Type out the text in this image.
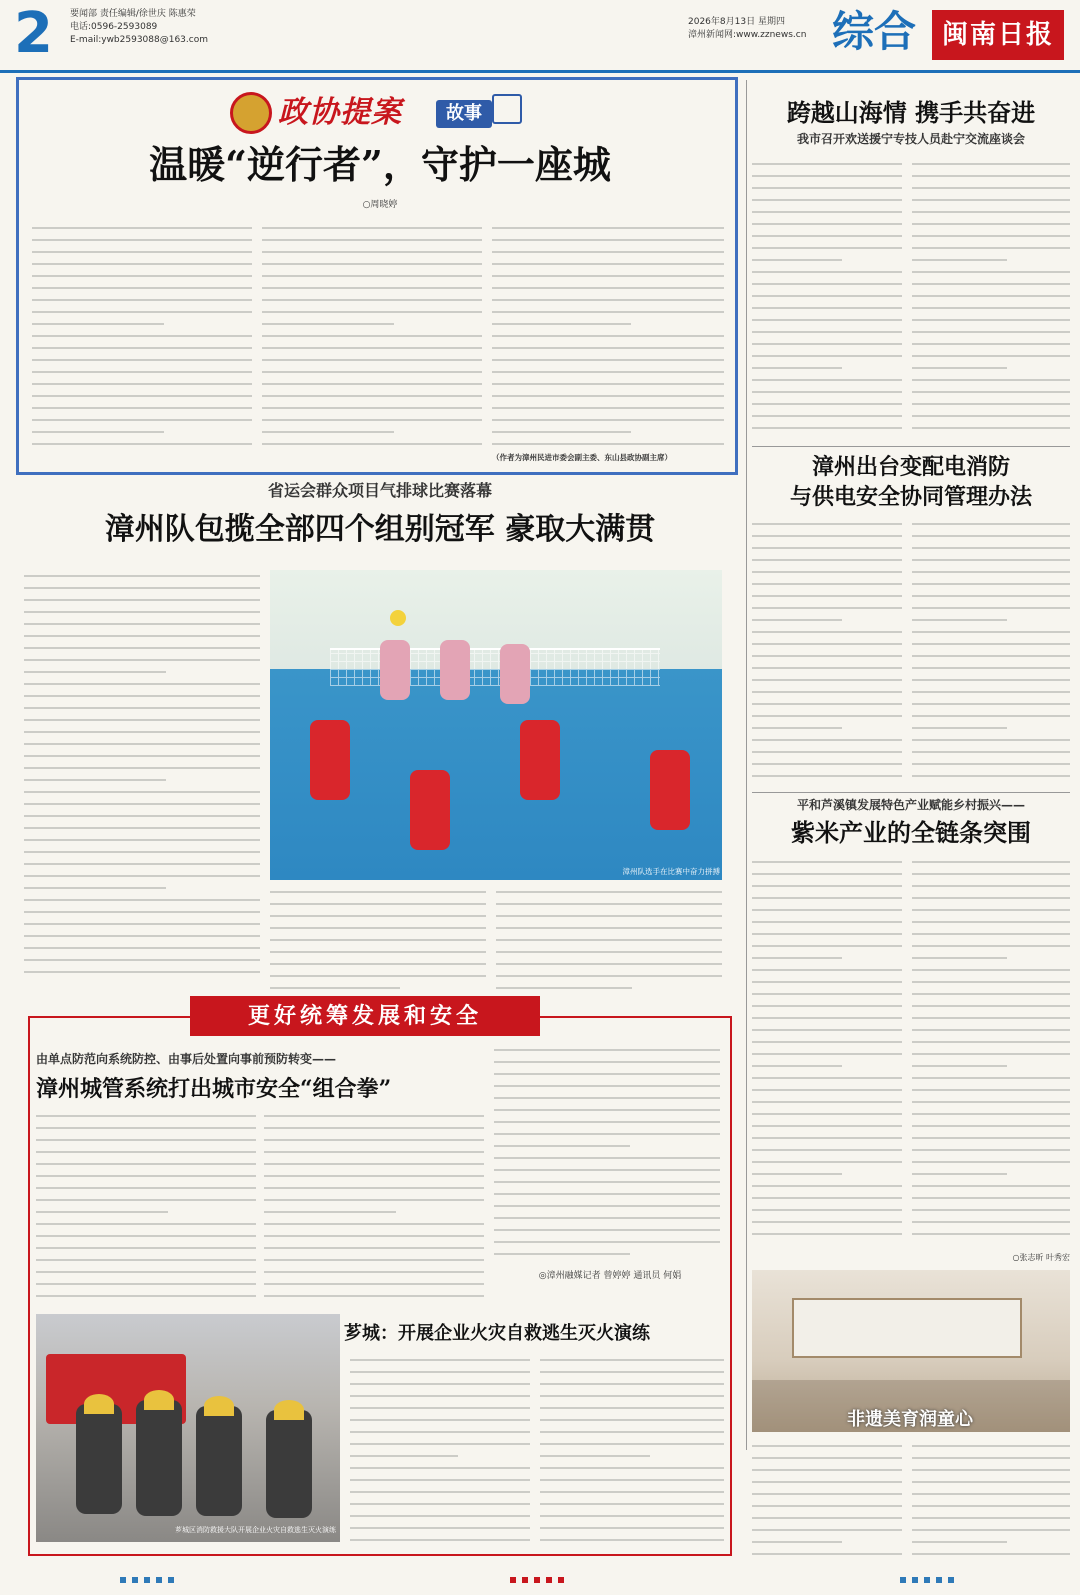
2 要闻部 责任编辑/徐世庆 陈惠荣
电话:0596-2593089
E-mail:ywb2593088@163.com
2026年8月13日 星期四
漳州新闻网:www.zznews.cn 综合 闽南日报
政协提案	故事
温暖“逆行者”，守护一座城
○周晓婷
（作者为漳州民进市委会副主委、东山县政协副主席）
跨越山海情 携手共奋进
我市召开欢送援宁专技人员赴宁交流座谈会
漳州出台变配电消防
与供电安全协同管理办法
平和芦溪镇发展特色产业赋能乡村振兴——
紫米产业的全链条突围
○张志昕 叶秀宏
非遗美育润童心
省运会群众项目气排球比赛落幕
漳州队包揽全部四个组别冠军 豪取大满贯
漳州队选手在比赛中奋力拼搏
更好统筹发展和安全
由单点防范向系统防控、由事后处置向事前预防转变——
漳州城管系统打出城市安全“组合拳”
◎漳州融媒记者 曾婷婷 通讯员 何娟
芗城区消防救援大队开展企业火灾自救逃生灭火演练
芗城：开展企业火灾自救逃生灭火演练
